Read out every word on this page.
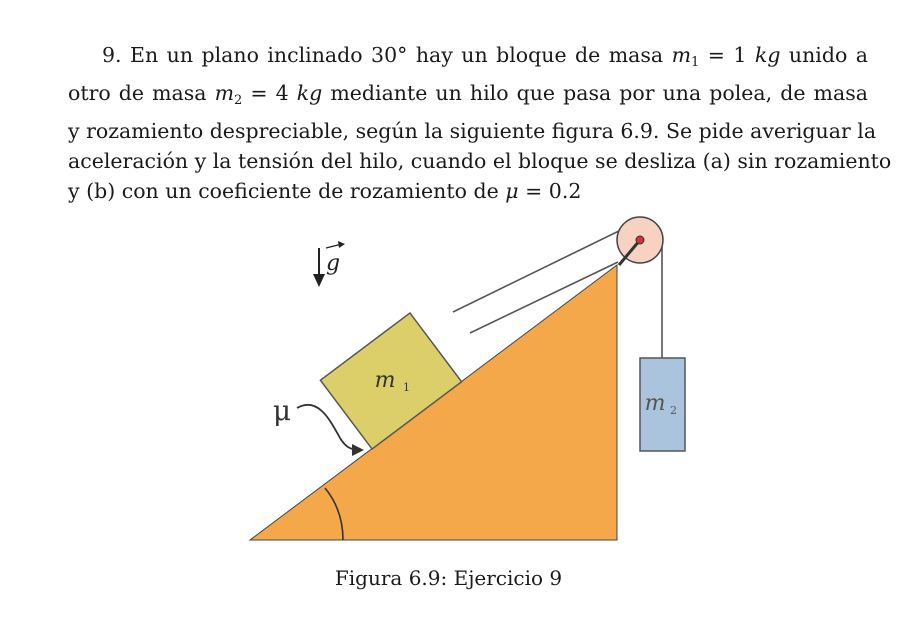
9. En un plano inclinado 30° hay un bloque de masa $m_1 = 1$ kg unido a
otro de masa $m_2 = 4$ kg mediante un hilo que pasa por una polea, de masa
y rozamiento despreciable, según la siguiente figura 6.9. Se pide averiguar la
aceleración y la tensión del hilo, cuando el bloque se desliza (a) sin rozamiento
y (b) con un coeficiente de rozamiento de μ = 0.2
m 1
m 2
g
μ
Figura 6.9: Ejercicio 9
